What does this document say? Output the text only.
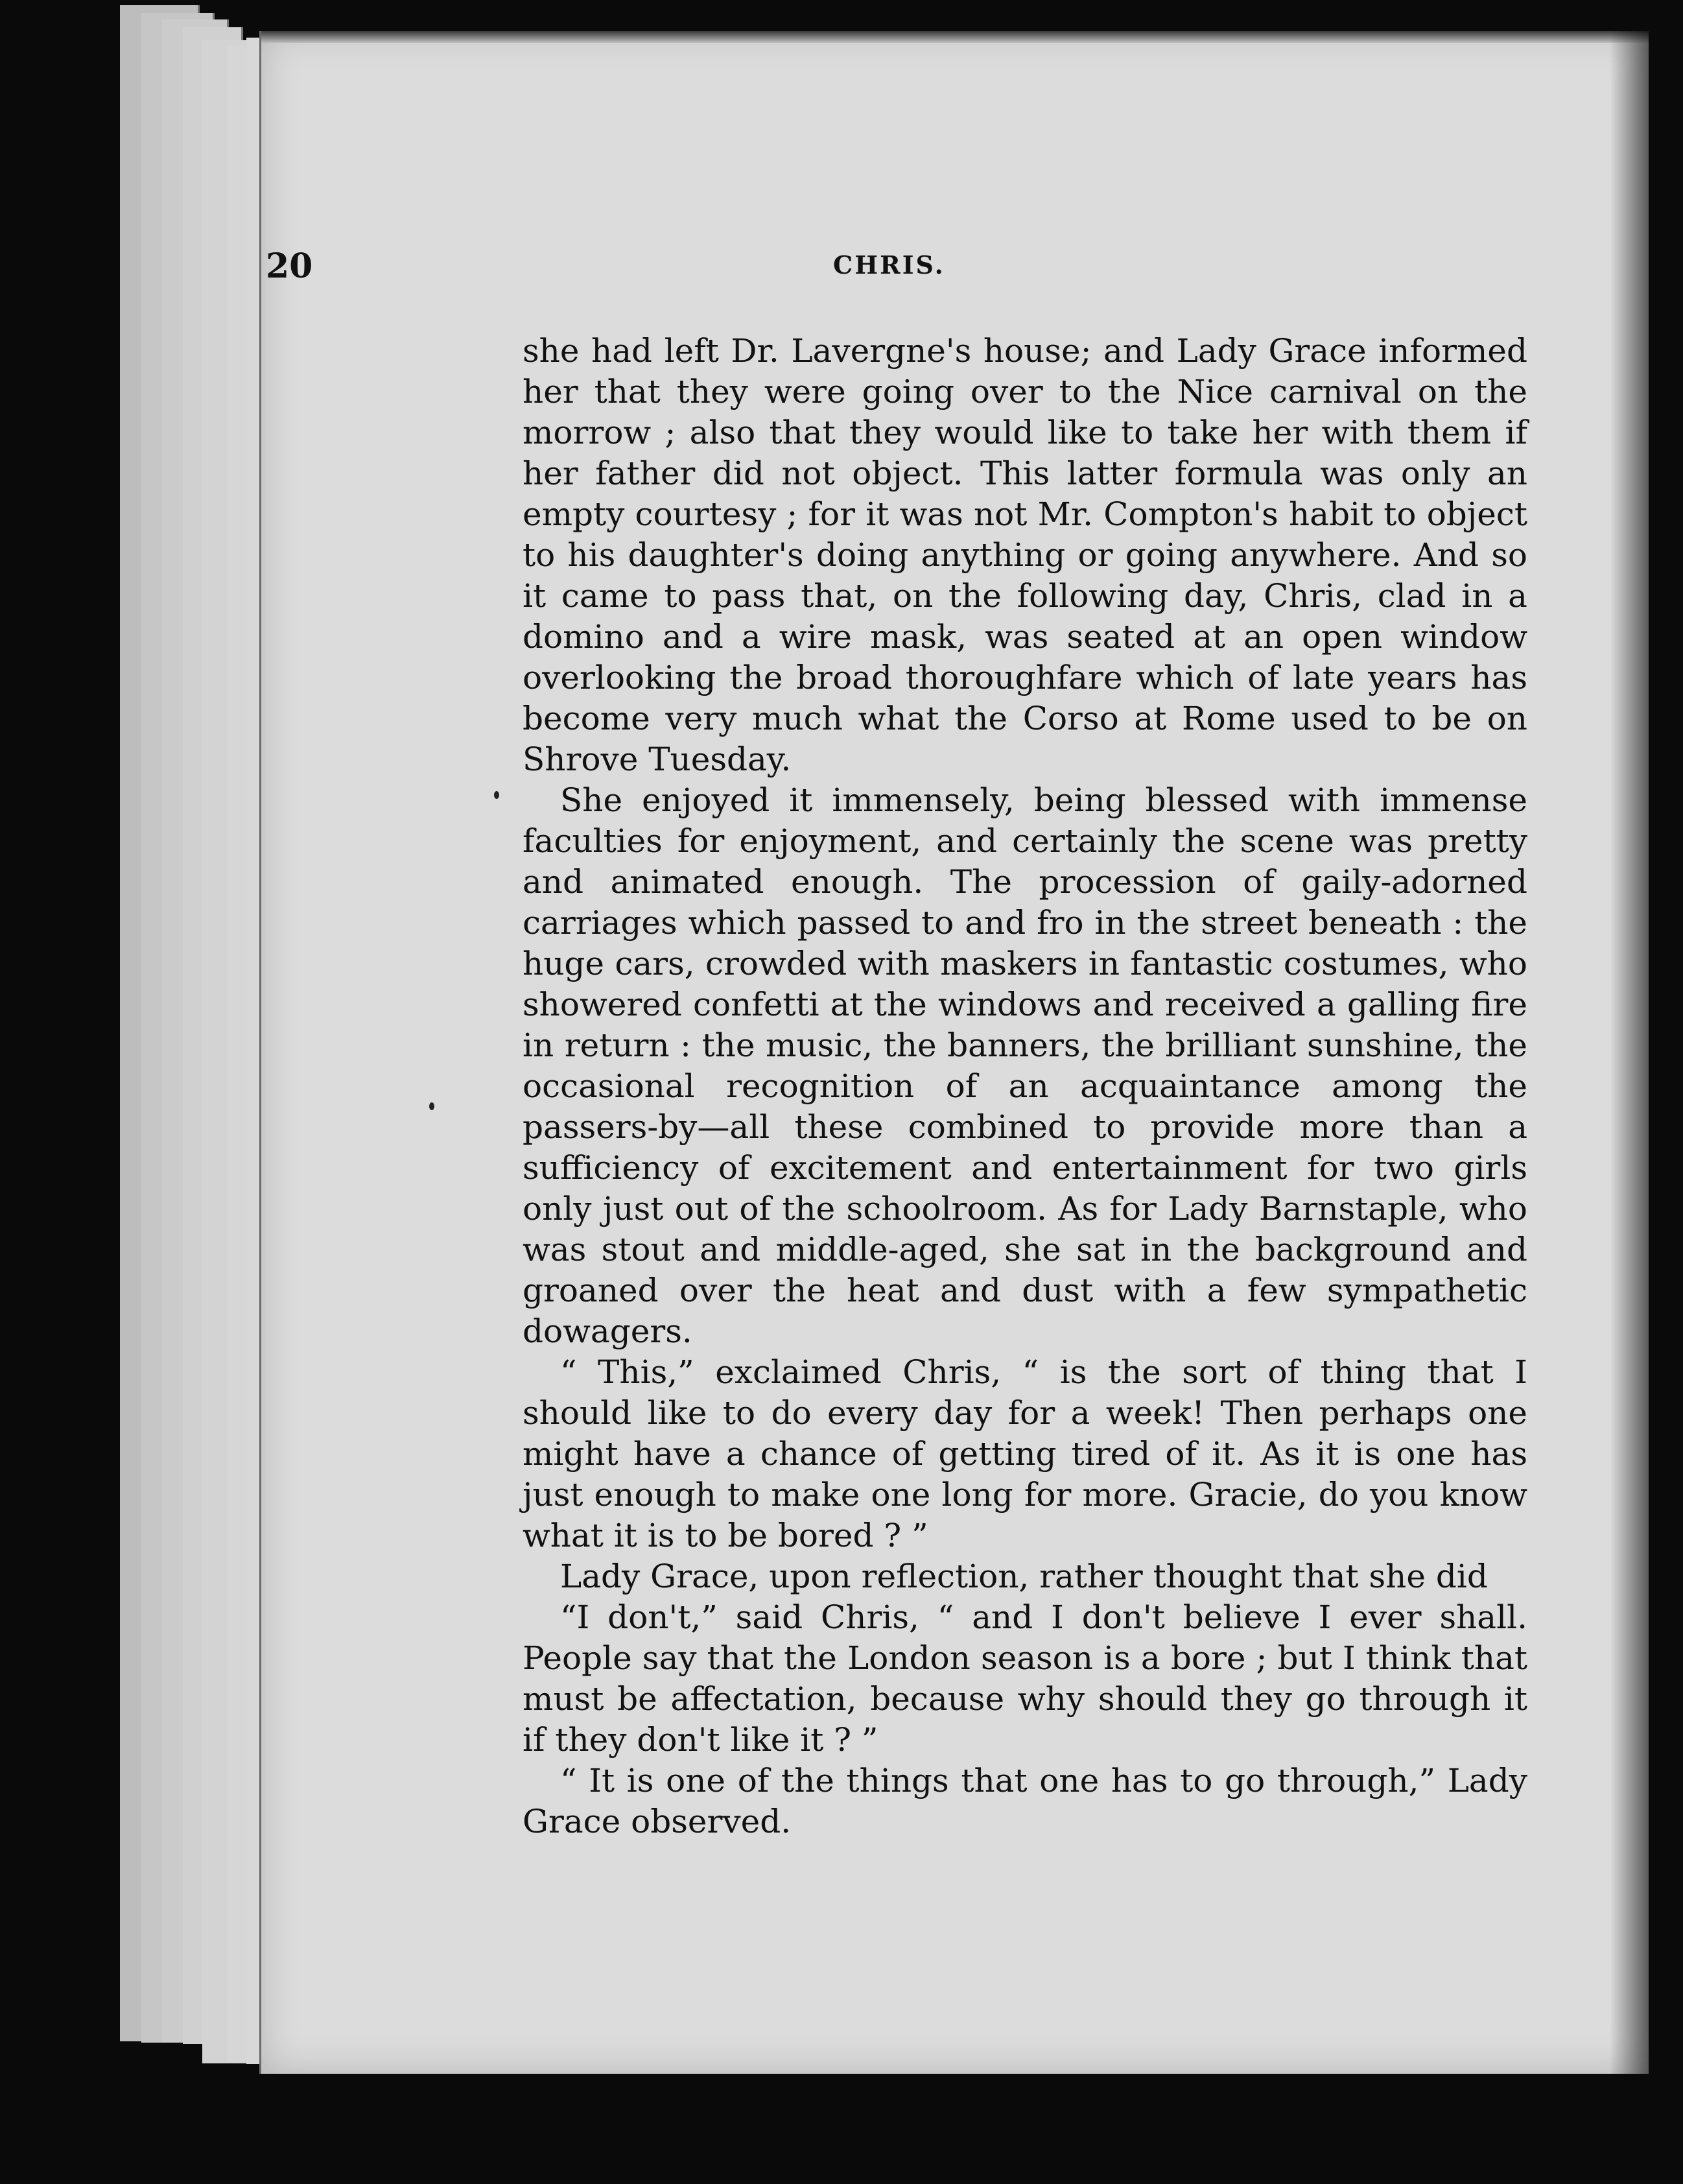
20	CHRIS.

she had left Dr. Lavergne's house; and Lady Grace informed her that they were going over to the Nice carnival on the morrow ; also that they would like to take her with them if her father did not object. This latter formula was only an empty courtesy ; for it was not Mr. Compton's habit to object to his daughter's doing anything or going anywhere. And so it came to pass that, on the following day, Chris, clad in a domino and a wire mask, was seated at an open window overlooking the broad thoroughfare which of late years has become very much what the Corso at Rome used to be on Shrove Tuesday.

She enjoyed it immensely, being blessed with immense faculties for enjoyment, and certainly the scene was pretty and animated enough. The procession of gaily-adorned carriages which passed to and fro in the street beneath : the huge cars, crowded with maskers in fantastic costumes, who showered confetti at the windows and received a galling fire in return : the music, the banners, the brilliant sunshine, the occasional recognition of an acquaintance among the passers-by—all these combined to provide more than a sufficiency of excitement and entertainment for two girls only just out of the schoolroom. As for Lady Barnstaple, who was stout and middle-aged, she sat in the background and groaned over the heat and dust with a few sympathetic dowagers.

“ This,” exclaimed Chris, “ is the sort of thing that I should like to do every day for a week! Then perhaps one might have a chance of getting tired of it. As it is one has just enough to make one long for more. Gracie, do you know what it is to be bored ? ”

Lady Grace, upon reflection, rather thought that she did

“I don't,” said Chris, “ and I don't believe I ever shall. People say that the London season is a bore ; but I think that must be affectation, because why should they go through it if they don't like it ? ”

“ It is one of the things that one has to go through,” Lady Grace observed.
